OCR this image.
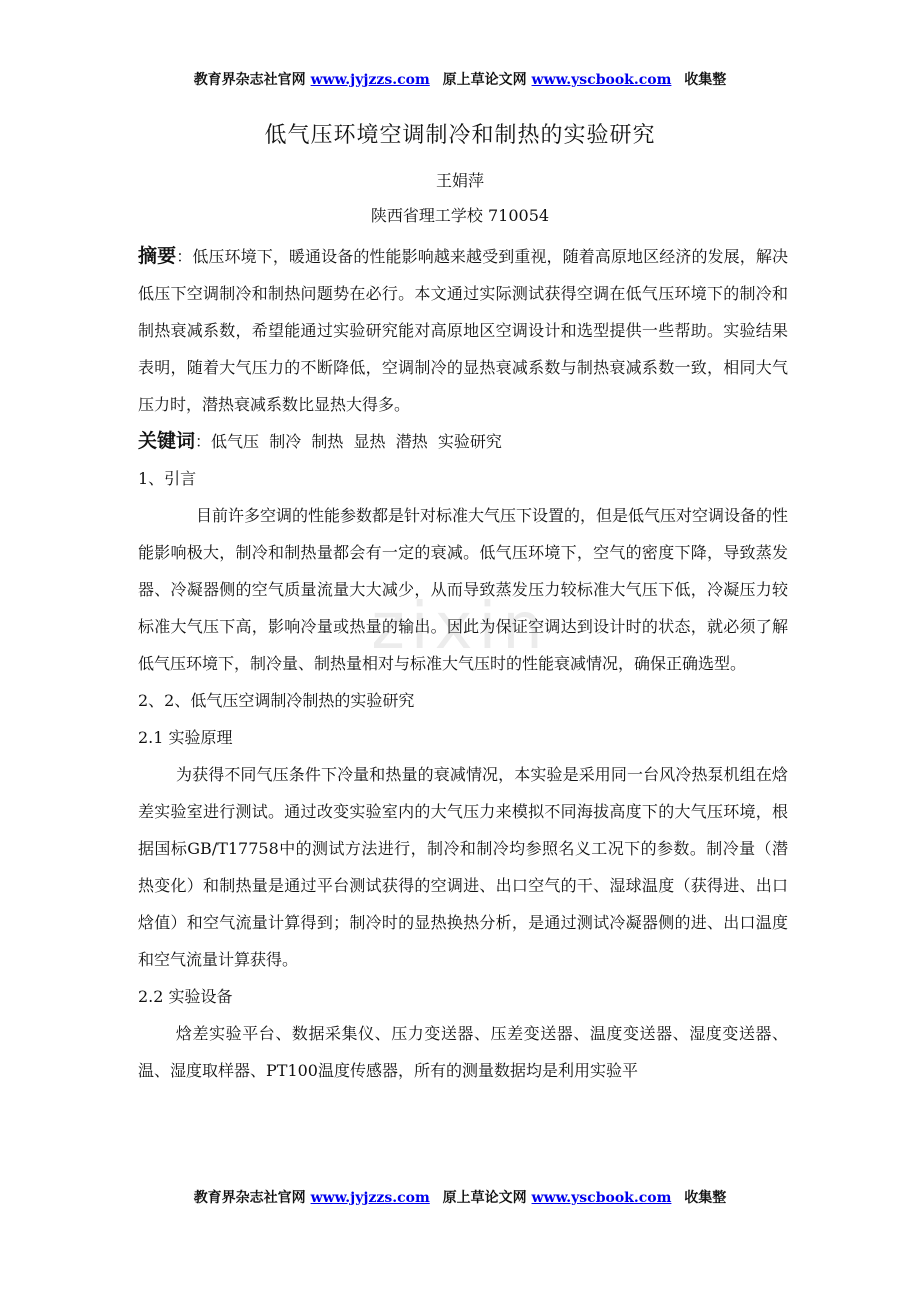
zixin
教育界杂志社官网 www.jyjzzs.com 原上草论文网 www.yscbook.com 收集整
低气压环境空调制冷和制热的实验研究
王娟萍
陕西省理工学校 710054

摘要：低压环境下，暖通设备的性能影响越来越受到重视，随着高原地区经济的发展，解决低压下空调制冷和制热问题势在必行。本文通过实际测试获得空调在低气压环境下的制冷和制热衰减系数，希望能通过实验研究能对高原地区空调设计和选型提供一些帮助。实验结果表明，随着大气压力的不断降低，空调制冷的显热衰减系数与制热衰减系数一致，相同大气压力时，潜热衰减系数比显热大得多。

关键词：低气压  制冷  制热  显热  潜热  实验研究

1、引言

目前许多空调的性能参数都是针对标准大气压下设置的，但是低气压对空调设备的性能影响极大，制冷和制热量都会有一定的衰减。低气压环境下，空气的密度下降，导致蒸发器、冷凝器侧的空气质量流量大大减少，从而导致蒸发压力较标准大气压下低，冷凝压力较标准大气压下高，影响冷量或热量的输出。因此为保证空调达到设计时的状态，就必须了解低气压环境下，制冷量、制热量相对与标准大气压时的性能衰减情况，确保正确选型。

2、2、低气压空调制冷制热的实验研究

2.1 实验原理

为获得不同气压条件下冷量和热量的衰减情况，本实验是采用同一台风冷热泵机组在焓差实验室进行测试。通过改变实验室内的大气压力来模拟不同海拔高度下的大气压环境，根据国标GB/T17758中的测试方法进行，制冷和制冷均参照名义工况下的参数。制冷量（潜热变化）和制热量是通过平台测试获得的空调进、出口空气的干、湿球温度（获得进、出口焓值）和空气流量计算得到；制冷时的显热换热分析，是通过测试冷凝器侧的进、出口温度和空气流量计算获得。

2.2 实验设备

焓差实验平台、数据采集仪、压力变送器、压差变送器、温度变送器、湿度变送器、温、湿度取样器、PT100温度传感器，所有的测量数据均是利用实验平

教育界杂志社官网 www.jyjzzs.com 原上草论文网 www.yscbook.com 收集整
